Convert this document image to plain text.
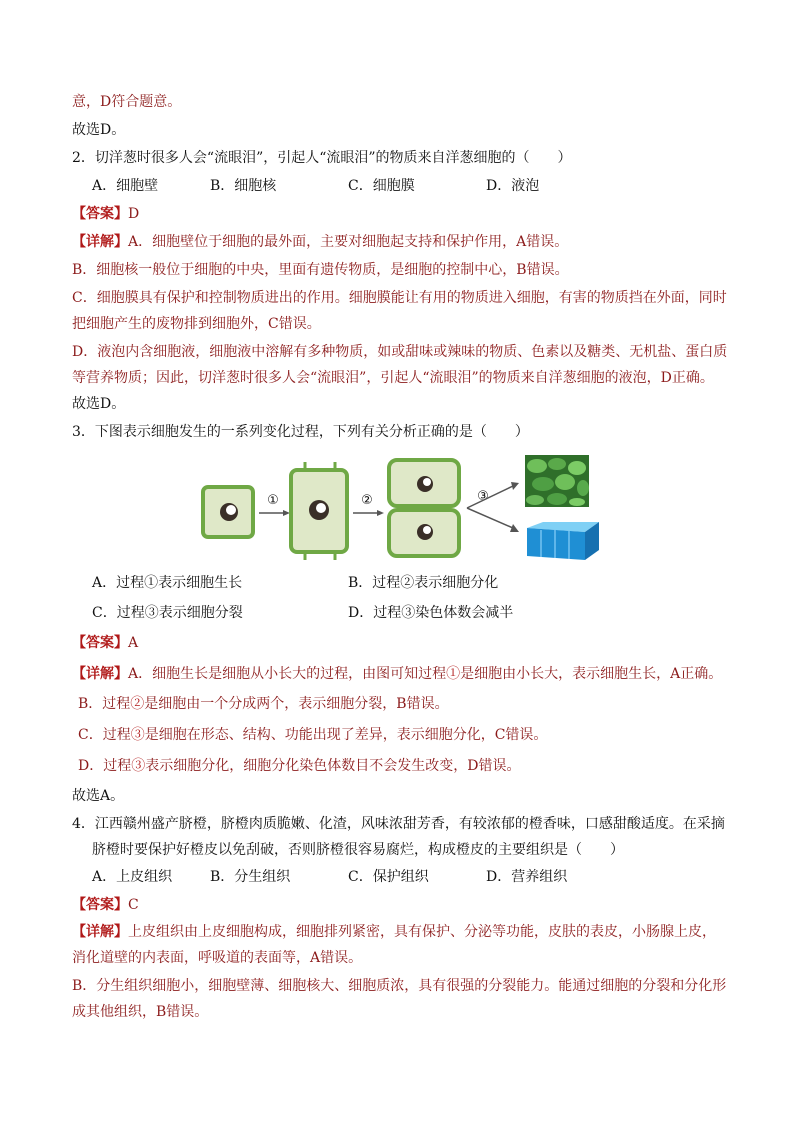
意，D符合题意。
故选D。
2．切洋葱时很多人会“流眼泪”，引起人“流眼泪”的物质来自洋葱细胞的（　　）
A．细胞壁	B．细胞核	C．细胞膜	D．液泡
【答案】D
【详解】A．细胞壁位于细胞的最外面，主要对细胞起支持和保护作用，A错误。
B．细胞核一般位于细胞的中央，里面有遗传物质，是细胞的控制中心，B错误。
C．细胞膜具有保护和控制物质进出的作用。细胞膜能让有用的物质进入细胞，有害的物质挡在外面，同时
把细胞产生的废物排到细胞外，C错误。
D．液泡内含细胞液，细胞液中溶解有多种物质，如或甜味或辣味的物质、色素以及糖类、无机盐、蛋白质
等营养物质；因此，切洋葱时很多人会“流眼泪”，引起人“流眼泪”的物质来自洋葱细胞的液泡，D正确。
故选D。
3．下图表示细胞发生的一系列变化过程，下列有关分析正确的是（　　）
①	②	③
A．过程①表示细胞生长	B．过程②表示细胞分化
C．过程③表示细胞分裂	D．过程③染色体数会减半
【答案】A
【详解】A．细胞生长是细胞从小长大的过程，由图可知过程①是细胞由小长大，表示细胞生长，A正确。
B．过程②是细胞由一个分成两个，表示细胞分裂，B错误。
C．过程③是细胞在形态、结构、功能出现了差异，表示细胞分化，C错误。
D．过程③表示细胞分化，细胞分化染色体数目不会发生改变，D错误。
故选A。
4．江西赣州盛产脐橙，脐橙肉质脆嫩、化渣，风味浓甜芳香，有较浓郁的橙香味，口感甜酸适度。在采摘
脐橙时要保护好橙皮以免刮破，否则脐橙很容易腐烂，构成橙皮的主要组织是（　　）
A．上皮组织	B．分生组织	C．保护组织	D．营养组织
【答案】C
【详解】上皮组织由上皮细胞构成，细胞排列紧密，具有保护、分泌等功能，皮肤的表皮，小肠腺上皮，
消化道壁的内表面，呼吸道的表面等，A错误。
B．分生组织细胞小，细胞壁薄、细胞核大、细胞质浓，具有很强的分裂能力。能通过细胞的分裂和分化形
成其他组织，B错误。
